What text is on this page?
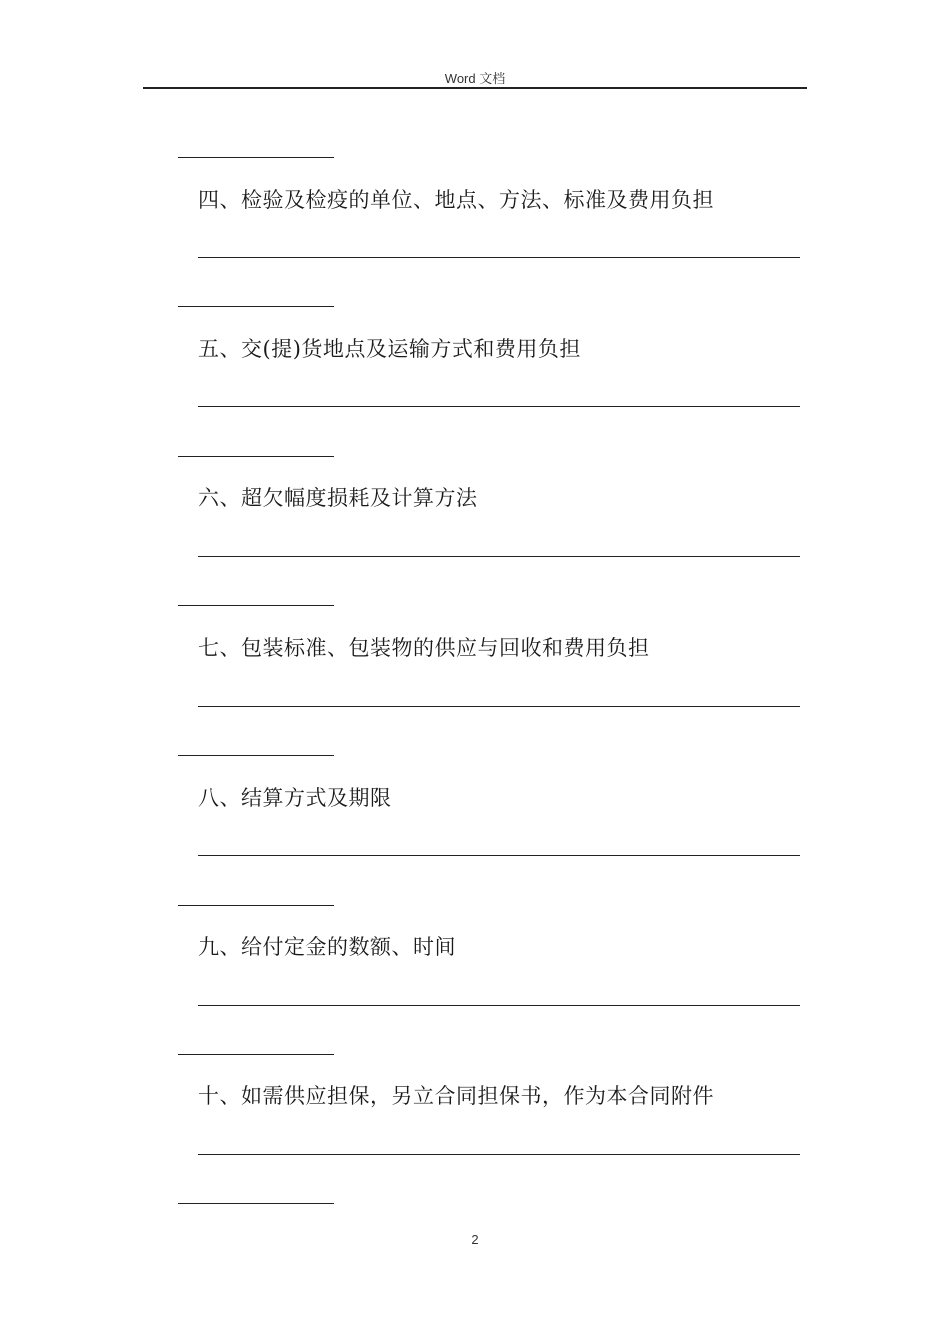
Word 文档
四、检验及检疫的单位、地点、方法、标准及费用负担
五、交(提)货地点及运输方式和费用负担
六、超欠幅度损耗及计算方法
七、包装标准、包装物的供应与回收和费用负担
八、结算方式及期限
九、给付定金的数额、时间
十、如需供应担保，另立合同担保书，作为本合同附件
2
